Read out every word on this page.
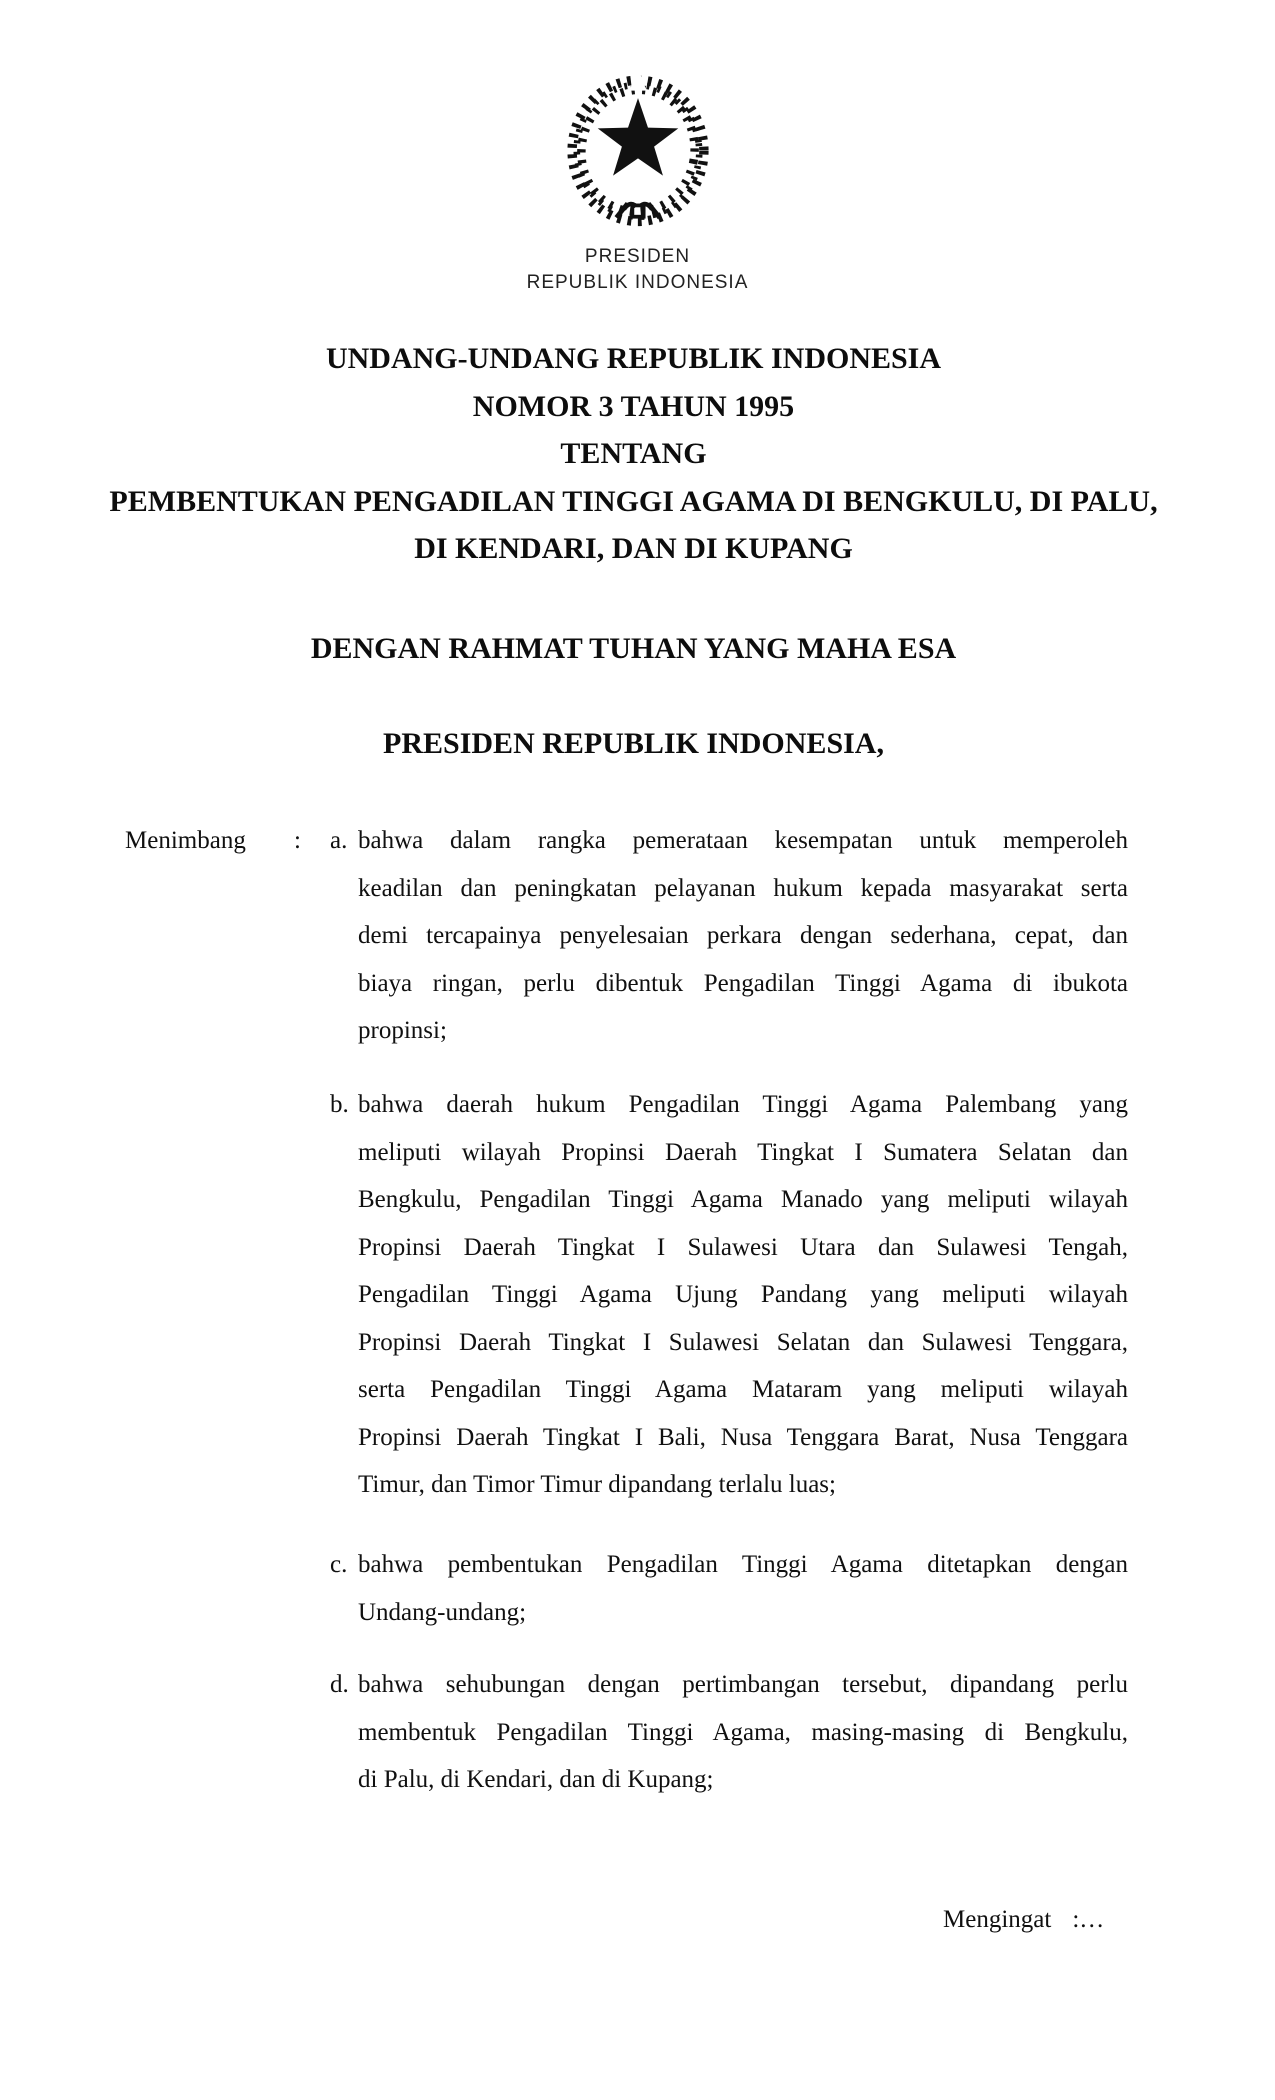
PRESIDEN
REPUBLIK INDONESIA
UNDANG-UNDANG REPUBLIK INDONESIA
NOMOR 3 TAHUN 1995
TENTANG
PEMBENTUKAN PENGADILAN TINGGI AGAMA DI BENGKULU, DI PALU,
DI KENDARI, DAN DI KUPANG
DENGAN RAHMAT TUHAN YANG MAHA ESA
PRESIDEN REPUBLIK INDONESIA,
Menimbang : a. bahwa dalam rangka pemerataan kesempatan untuk memperoleh
keadilan dan peningkatan pelayanan hukum kepada masyarakat serta
demi tercapainya penyelesaian perkara dengan sederhana, cepat, dan
biaya ringan, perlu dibentuk Pengadilan Tinggi Agama di ibukota
propinsi;
b. bahwa daerah hukum Pengadilan Tinggi Agama Palembang yang
meliputi wilayah Propinsi Daerah Tingkat I Sumatera Selatan dan
Bengkulu, Pengadilan Tinggi Agama Manado yang meliputi wilayah
Propinsi Daerah Tingkat I Sulawesi Utara dan Sulawesi Tengah,
Pengadilan Tinggi Agama Ujung Pandang yang meliputi wilayah
Propinsi Daerah Tingkat I Sulawesi Selatan dan Sulawesi Tenggara,
serta Pengadilan Tinggi Agama Mataram yang meliputi wilayah
Propinsi Daerah Tingkat I Bali, Nusa Tenggara Barat, Nusa Tenggara
Timur, dan Timor Timur dipandang terlalu luas;
c. bahwa pembentukan Pengadilan Tinggi Agama ditetapkan dengan
Undang-undang;
d. bahwa sehubungan dengan pertimbangan tersebut, dipandang perlu
membentuk Pengadilan Tinggi Agama, masing-masing di Bengkulu,
di Palu, di Kendari, dan di Kupang;
Mengingat :…
